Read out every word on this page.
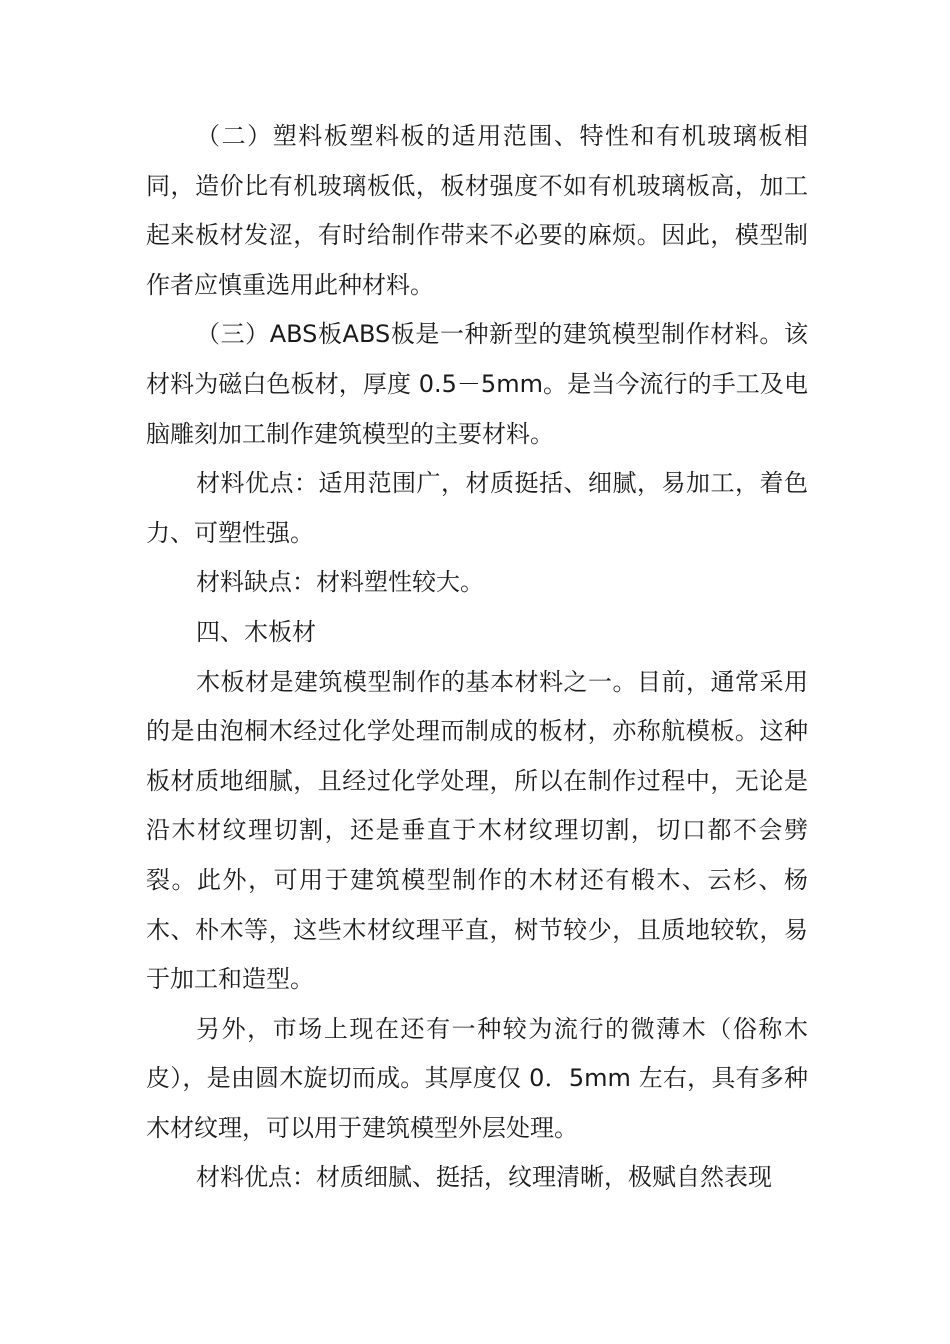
（二）塑料板塑料板的适用范围、特性和有机玻璃板相同，造价比有机玻璃板低，板材强度不如有机玻璃板高，加工起来板材发涩，有时给制作带来不必要的麻烦。因此，模型制作者应慎重选用此种材料。

（三）ABS板ABS板是一种新型的建筑模型制作材料。该材料为磁白色板材，厚度 0.5－5mm。是当今流行的手工及电脑雕刻加工制作建筑模型的主要材料。

材料优点：适用范围广，材质挺括、细腻，易加工，着色力、可塑性强。

材料缺点：材料塑性较大。

四、木板材

木板材是建筑模型制作的基本材料之一。目前，通常采用的是由泡桐木经过化学处理而制成的板材，亦称航模板。这种板材质地细腻，且经过化学处理，所以在制作过程中，无论是沿木材纹理切割，还是垂直于木材纹理切割，切口都不会劈裂。此外，可用于建筑模型制作的木材还有椴木、云杉、杨木、朴木等，这些木材纹理平直，树节较少，且质地较软，易于加工和造型。

另外，市场上现在还有一种较为流行的微薄木（俗称木皮），是由圆木旋切而成。其厚度仅 0．5mm 左右，具有多种木材纹理，可以用于建筑模型外层处理。

材料优点：材质细腻、挺括，纹理清晰，极赋自然表现
